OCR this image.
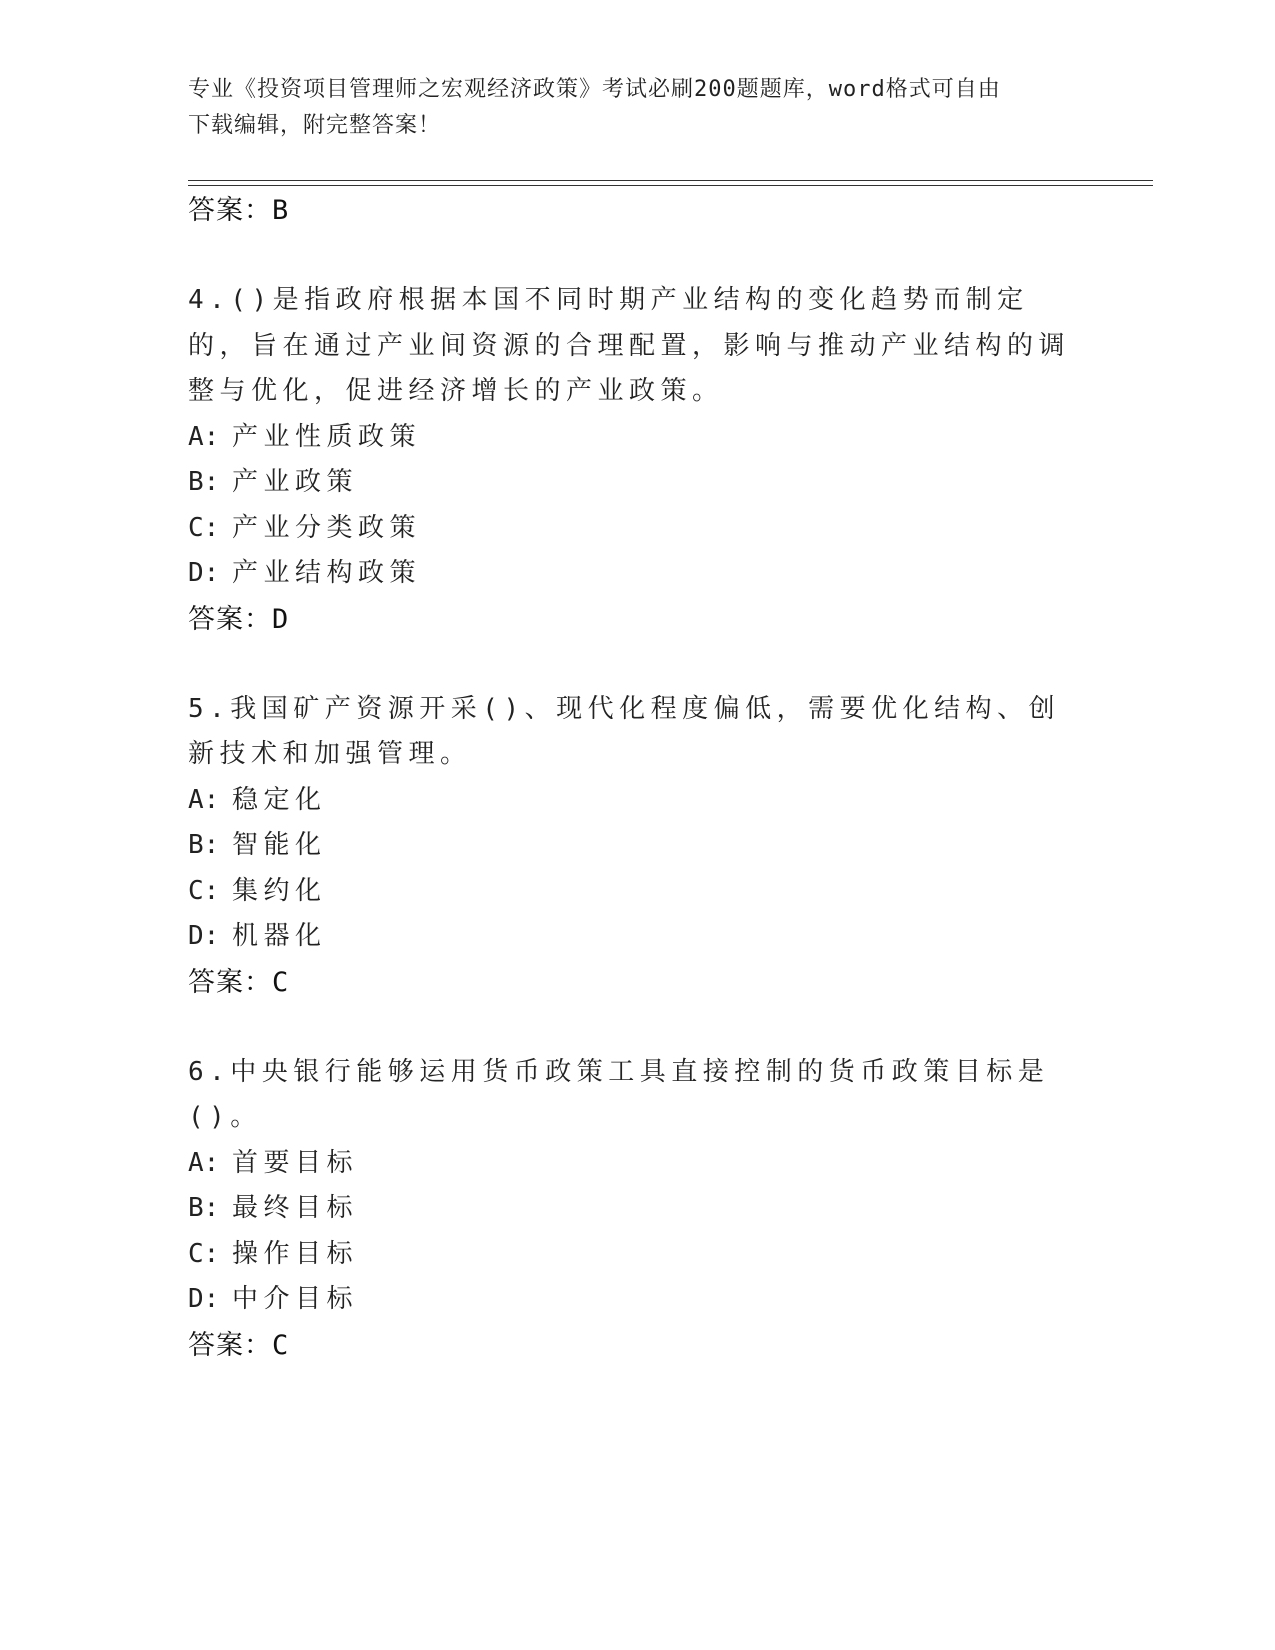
专业《投资项目管理师之宏观经济政策》考试必刷200题题库，word格式可自由
下载编辑，附完整答案！

答案：B

4.()是指政府根据本国不同时期产业结构的变化趋势而制定的，旨在通过产业间资源的合理配置，影响与推动产业结构的调整与优化，促进经济增长的产业政策。

A: 产业性质政策

B: 产业政策

C: 产业分类政策

D: 产业结构政策

答案：D

5.我国矿产资源开采()、现代化程度偏低，需要优化结构、创新技术和加强管理。

A: 稳定化

B: 智能化

C: 集约化

D: 机器化

答案：C

6.中央银行能够运用货币政策工具直接控制的货币政策目标是()。

A: 首要目标

B: 最终目标

C: 操作目标

D: 中介目标

答案：C
